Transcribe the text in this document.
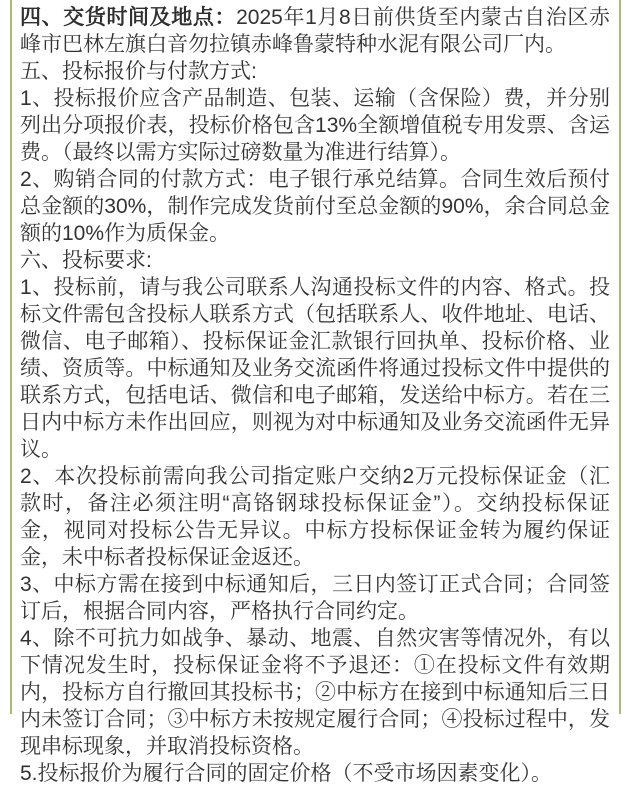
四、交货时间及地点：2025年1月8日前供货至内蒙古自治区赤峰市巴林左旗白音勿拉镇赤峰鲁蒙特种水泥有限公司厂内。

五、投标报价与付款方式:

1、投标报价应含产品制造、包装、运输（含保险）费，并分别列出分项报价表，投标价格包含13%全额增值税专用发票、含运费。（最终以需方实际过磅数量为准进行结算）。

2、购销合同的付款方式：电子银行承兑结算。合同生效后预付总金额的30%，制作完成发货前付至总金额的90%，余合同总金额的10%作为质保金。

六、投标要求:

1、投标前，请与我公司联系人沟通投标文件的内容、格式。投标文件需包含投标人联系方式（包括联系人、收件地址、电话、微信、电子邮箱）、投标保证金汇款银行回执单、投标价格、业绩、资质等。中标通知及业务交流函件将通过投标文件中提供的联系方式，包括电话、微信和电子邮箱，发送给中标方。若在三日内中标方未作出回应，则视为对中标通知及业务交流函件无异议。

2、本次投标前需向我公司指定账户交纳2万元投标保证金（汇款时，备注必须注明“高铬钢球投标保证金”）。交纳投标保证金，视同对投标公告无异议。中标方投标保证金转为履约保证金，未中标者投标保证金返还。

3、中标方需在接到中标通知后，三日内签订正式合同；合同签订后，根据合同内容，严格执行合同约定。

4、除不可抗力如战争、暴动、地震、自然灾害等情况外，有以下情况发生时，投标保证金将不予退还：①在投标文件有效期内，投标方自行撤回其投标书；②中标方在接到中标通知后三日内未签订合同；③中标方未按规定履行合同；④投标过程中，发现串标现象，并取消投标资格。

5.投标报价为履行合同的固定价格（不受市场因素变化）。
